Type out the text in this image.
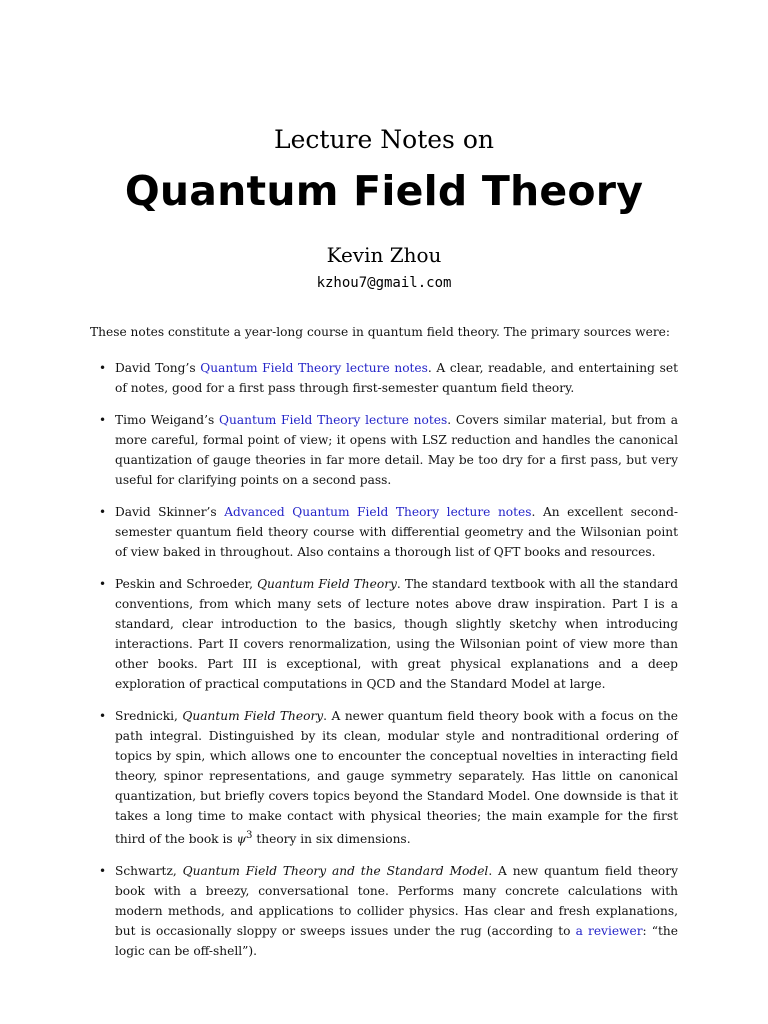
Lecture Notes on
Quantum Field Theory
Kevin Zhou
kzhou7@gmail.com
These notes constitute a year-long course in quantum field theory. The primary sources were:
• David Tong’s Quantum Field Theory lecture notes. A clear, readable, and entertaining set of notes, good for a first pass through first-semester quantum field theory.
• Timo Weigand’s Quantum Field Theory lecture notes. Covers similar material, but from a more careful, formal point of view; it opens with LSZ reduction and handles the canonical quantization of gauge theories in far more detail. May be too dry for a first pass, but very useful for clarifying points on a second pass.
• David Skinner’s Advanced Quantum Field Theory lecture notes. An excellent second-semester quantum field theory course with differential geometry and the Wilsonian point of view baked in throughout. Also contains a thorough list of QFT books and resources.
• Peskin and Schroeder, Quantum Field Theory. The standard textbook with all the standard conventions, from which many sets of lecture notes above draw inspiration. Part I is a standard, clear introduction to the basics, though slightly sketchy when introducing interactions. Part II covers renormalization, using the Wilsonian point of view more than other books. Part III is exceptional, with great physical explanations and a deep exploration of practical computations in QCD and the Standard Model at large.
• Srednicki, Quantum Field Theory. A newer quantum field theory book with a focus on the path integral. Distinguished by its clean, modular style and nontraditional ordering of topics by spin, which allows one to encounter the conceptual novelties in interacting field theory, spinor representations, and gauge symmetry separately. Has little on canonical quantization, but briefly covers topics beyond the Standard Model. One downside is that it takes a long time to make contact with physical theories; the main example for the first third of the book is $\psi^3$ theory in six dimensions.
• Schwartz, Quantum Field Theory and the Standard Model. A new quantum field theory book with a breezy, conversational tone. Performs many concrete calculations with modern methods, and applications to collider physics. Has clear and fresh explanations, but is occasionally sloppy or sweeps issues under the rug (according to a reviewer: “the logic can be off-shell”).
